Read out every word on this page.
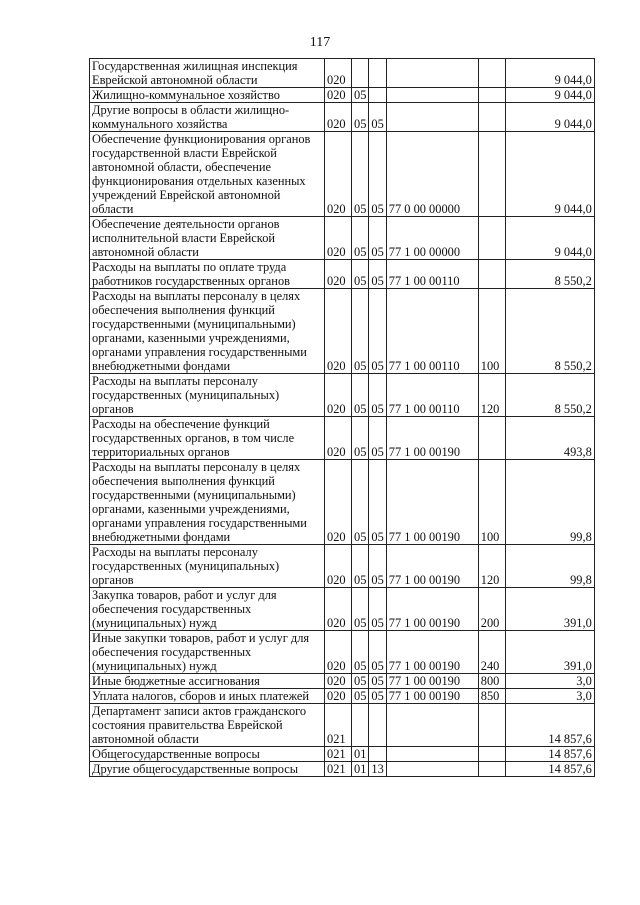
117
Государственная жилищная инспекция Еврейской автономной области	020					9 044,0
Жилищно-коммунальное хозяйство	020	05				9 044,0
Другие вопросы в области жилищно-коммунального хозяйства	020	05	05			9 044,0
Обеспечение функционирования органов государственной власти Еврейской автономной области, обеспечение функционирования отдельных казенных учреждений Еврейской автономной области	020	05	05	77 0 00 00000		9 044,0
Обеспечение деятельности органов исполнительной власти Еврейской автономной области	020	05	05	77 1 00 00000		9 044,0
Расходы на выплаты по оплате труда работников государственных органов	020	05	05	77 1 00 00110		8 550,2
Расходы на выплаты персоналу в целях обеспечения выполнения функций государственными (муниципальными) органами, казенными учреждениями, органами управления государственными внебюджетными фондами	020	05	05	77 1 00 00110	100	8 550,2
Расходы на выплаты персоналу государственных (муниципальных) органов	020	05	05	77 1 00 00110	120	8 550,2
Расходы на обеспечение функций государственных органов, в том числе территориальных органов	020	05	05	77 1 00 00190		493,8
Расходы на выплаты персоналу в целях обеспечения выполнения функций государственными (муниципальными) органами, казенными учреждениями, органами управления государственными внебюджетными фондами	020	05	05	77 1 00 00190	100	99,8
Расходы на выплаты персоналу государственных (муниципальных) органов	020	05	05	77 1 00 00190	120	99,8
Закупка товаров, работ и услуг для обеспечения государственных (муниципальных) нужд	020	05	05	77 1 00 00190	200	391,0
Иные закупки товаров, работ и услуг для обеспечения государственных (муниципальных) нужд	020	05	05	77 1 00 00190	240	391,0
Иные бюджетные ассигнования	020	05	05	77 1 00 00190	800	3,0
Уплата налогов, сборов и иных платежей	020	05	05	77 1 00 00190	850	3,0
Департамент записи актов гражданского состояния правительства Еврейской автономной области	021					14 857,6
Общегосударственные вопросы	021	01				14 857,6
Другие общегосударственные вопросы	021	01	13			14 857,6
